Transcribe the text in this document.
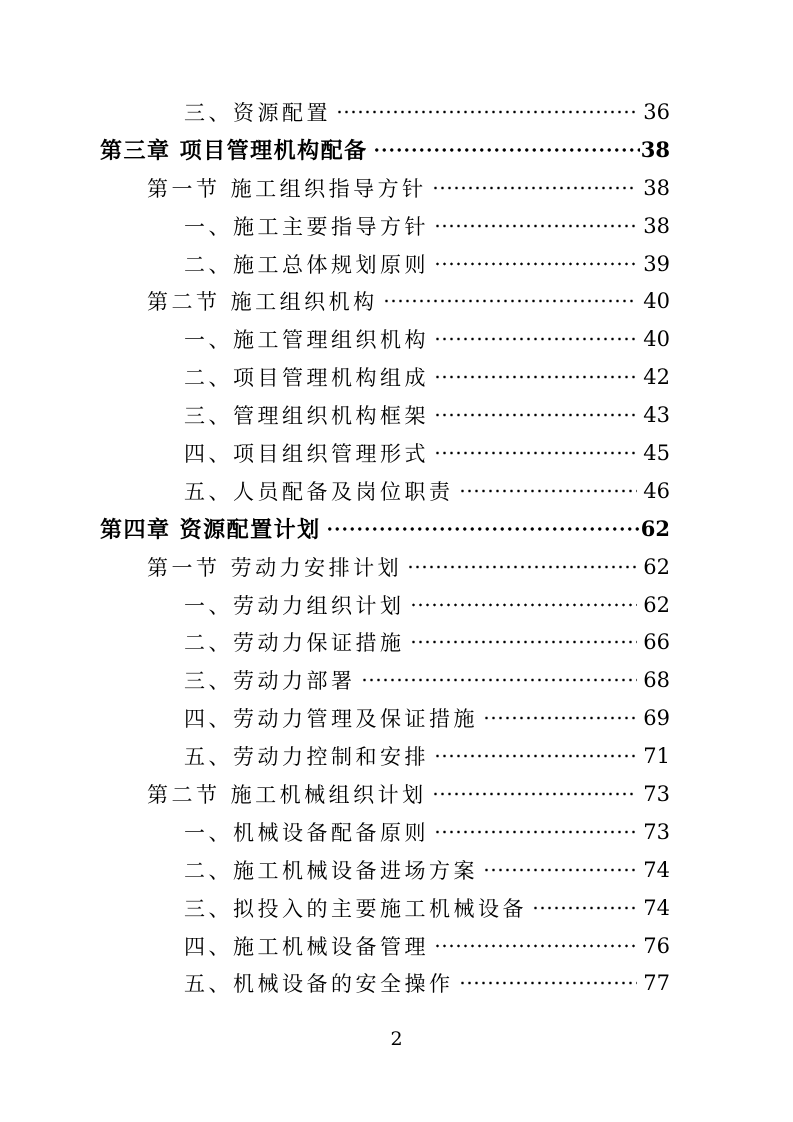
三、资源配置	36
第三章 项目管理机构配备	38
第一节 施工组织指导方针	38
一、施工主要指导方针	38
二、施工总体规划原则	39
第二节 施工组织机构	40
一、施工管理组织机构	40
二、项目管理机构组成	42
三、管理组织机构框架	43
四、项目组织管理形式	45
五、人员配备及岗位职责	46
第四章 资源配置计划	62
第一节 劳动力安排计划	62
一、劳动力组织计划	62
二、劳动力保证措施	66
三、劳动力部署	68
四、劳动力管理及保证措施	69
五、劳动力控制和安排	71
第二节 施工机械组织计划	73
一、机械设备配备原则	73
二、施工机械设备进场方案	74
三、拟投入的主要施工机械设备	74
四、施工机械设备管理	76
五、机械设备的安全操作	77
2
